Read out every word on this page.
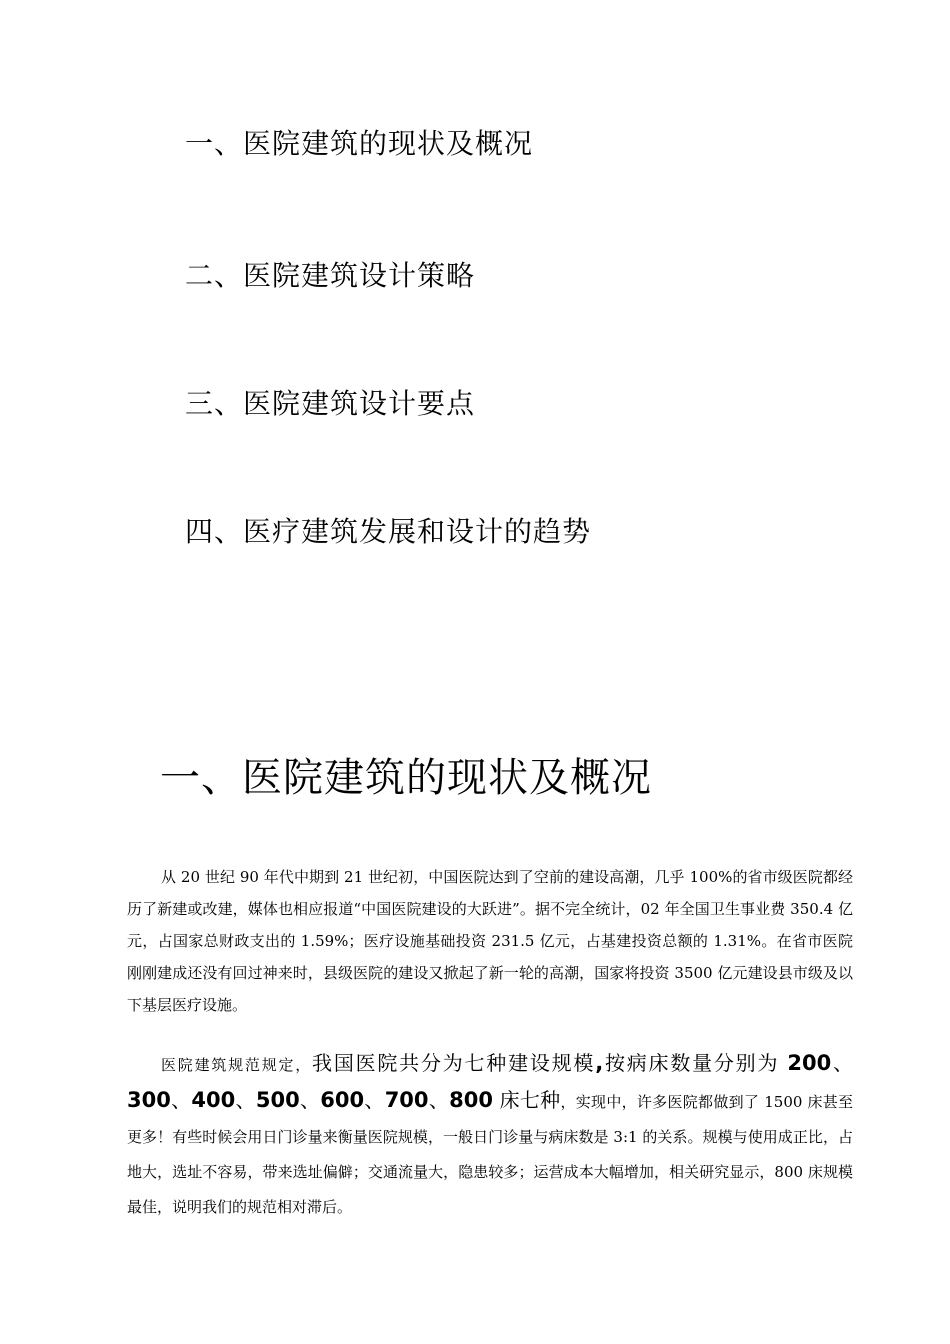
一、医院建筑的现状及概况
二、医院建筑设计策略
三、医院建筑设计要点
四、医疗建筑发展和设计的趋势
一、医院建筑的现状及概况

从 20 世纪 90 年代中期到 21 世纪初，中国医院达到了空前的建设高潮，几乎 100%的省市级医院都经历了新建或改建，媒体也相应报道“中国医院建设的大跃进”。据不完全统计，02 年全国卫生事业费 350.4 亿元，占国家总财政支出的 1.59%；医疗设施基础投资 231.5 亿元，占基建投资总额的 1.31%。在省市医院刚刚建成还没有回过神来时，县级医院的建设又掀起了新一轮的高潮，国家将投资 3500 亿元建设县市级及以下基层医疗设施。

医院建筑规范规定，我国医院共分为七种建设规模,按病床数量分别为 200、300、400、500、600、700、800 床七种，实现中，许多医院都做到了 1500 床甚至更多！有些时候会用日门诊量来衡量医院规模，一般日门诊量与病床数是 3:1 的关系。规模与使用成正比，占地大，选址不容易，带来选址偏僻；交通流量大，隐患较多；运营成本大幅增加，相关研究显示，800 床规模最佳，说明我们的规范相对滞后。
